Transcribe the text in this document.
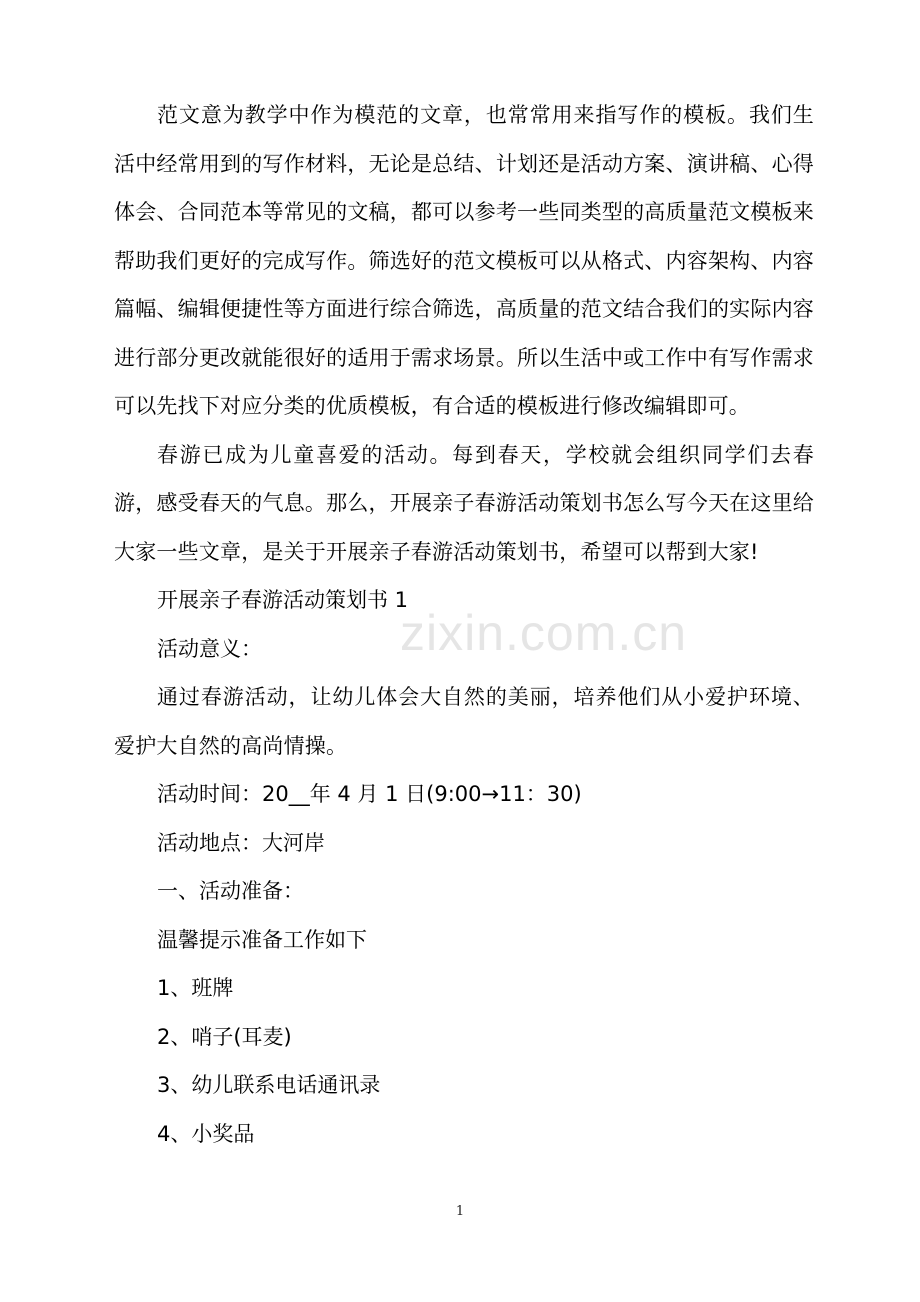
范文意为教学中作为模范的文章，也常常用来指写作的模板。我们生活中经常用到的写作材料，无论是总结、计划还是活动方案、演讲稿、心得体会、合同范本等常见的文稿，都可以参考一些同类型的高质量范文模板来帮助我们更好的完成写作。筛选好的范文模板可以从格式、内容架构、内容篇幅、编辑便捷性等方面进行综合筛选，高质量的范文结合我们的实际内容进行部分更改就能很好的适用于需求场景。所以生活中或工作中有写作需求可以先找下对应分类的优质模板，有合适的模板进行修改编辑即可。

春游已成为儿童喜爱的活动。每到春天，学校就会组织同学们去春游，感受春天的气息。那么，开展亲子春游活动策划书怎么写今天在这里给大家一些文章，是关于开展亲子春游活动策划书，希望可以帮到大家!

开展亲子春游活动策划书 1

活动意义：

通过春游活动，让幼儿体会大自然的美丽，培养他们从小爱护环境、爱护大自然的高尚情操。

活动时间：20__年 4 月 1 日(9:00→11：30)

活动地点：大河岸

一、活动准备：

温馨提示准备工作如下

1、班牌

2、哨子(耳麦)

3、幼儿联系电话通讯录

4、小奖品

zixin.com.cn
1
